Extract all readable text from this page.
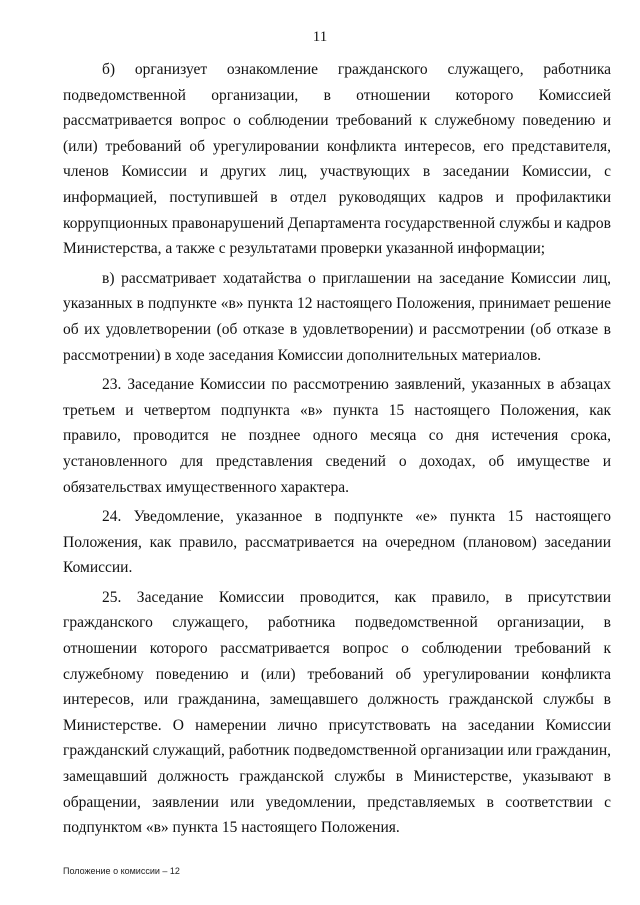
11

б) организует ознакомление гражданского служащего, работника подведомственной организации, в отношении которого Комиссией рассматривается вопрос о соблюдении требований к служебному поведению и (или) требований об урегулировании конфликта интересов, его представителя, членов Комиссии и других лиц, участвующих в заседании Комиссии, с информацией, поступившей в отдел руководящих кадров и профилактики коррупционных правонарушений Департамента государственной службы и кадров Министерства, а также с результатами проверки указанной информации;

в) рассматривает ходатайства о приглашении на заседание Комиссии лиц, указанных в подпункте «в» пункта 12 настоящего Положения, принимает решение об их удовлетворении (об отказе в удовлетворении) и рассмотрении (об отказе в рассмотрении) в ходе заседания Комиссии дополнительных материалов.

23. Заседание Комиссии по рассмотрению заявлений, указанных в абзацах третьем и четвертом подпункта «в» пункта 15 настоящего Положения, как правило, проводится не позднее одного месяца со дня истечения срока, установленного для представления сведений о доходах, об имуществе и обязательствах имущественного характера.

24. Уведомление, указанное в подпункте «е» пункта 15 настоящего Положения, как правило, рассматривается на очередном (плановом) заседании Комиссии.

25. Заседание Комиссии проводится, как правило, в присутствии гражданского служащего, работника подведомственной организации, в отношении которого рассматривается вопрос о соблюдении требований к служебному поведению и (или) требований об урегулировании конфликта интересов, или гражданина, замещавшего должность гражданской службы в Министерстве. О намерении лично присутствовать на заседании Комиссии гражданский служащий, работник подведомственной организации или гражданин, замещавший должность гражданской службы в Министерстве, указывают в обращении, заявлении или уведомлении, представляемых в соответствии с подпунктом «в» пункта 15 настоящего Положения.

Положение о комиссии – 12
